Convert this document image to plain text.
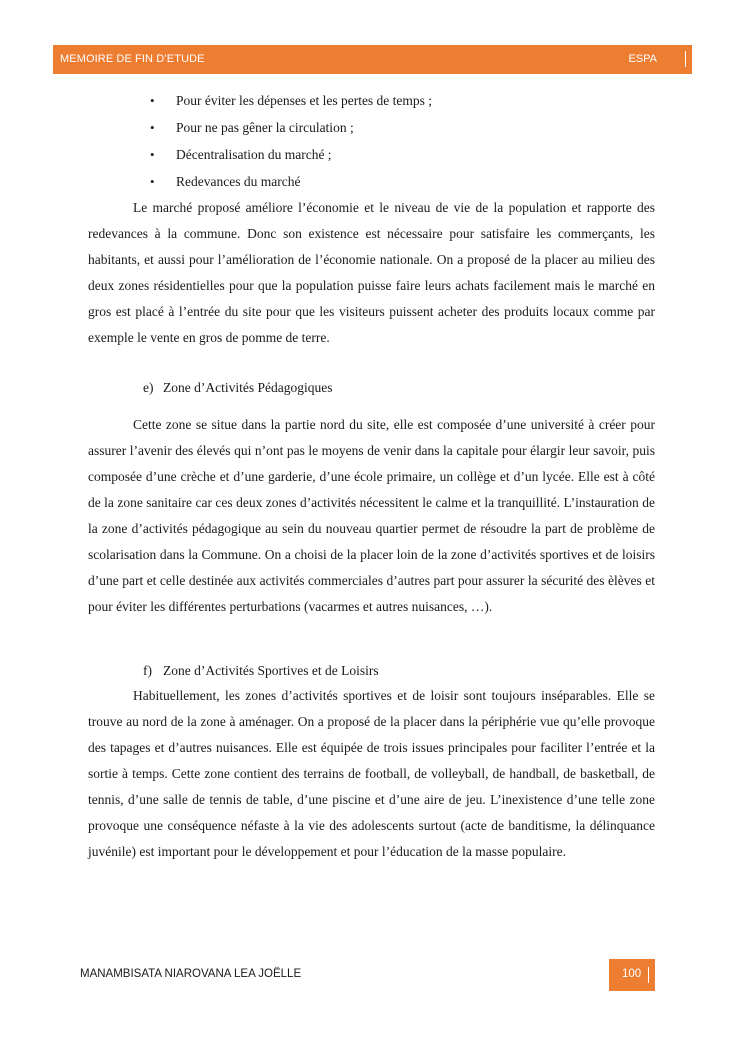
MEMOIRE DE FIN D’ETUDE	ESPA
• Pour éviter les dépenses et les pertes de temps ;
• Pour ne pas gêner la circulation ;
• Décentralisation du marché ;
• Redevances du marché

Le marché proposé améliore l’économie et le niveau de vie de la population et rapporte des redevances à la commune. Donc son existence est nécessaire pour satisfaire les commerçants, les habitants, et aussi pour l’amélioration de l’économie nationale. On a proposé de la placer au milieu des deux zones résidentielles pour que la population puisse faire leurs achats facilement mais le marché en gros est placé à l’entrée du site pour que les visiteurs puissent acheter des produits locaux comme par exemple le vente en gros de pomme de terre.

e) Zone d’Activités Pédagogiques

Cette zone se situe dans la partie nord du site, elle est composée d’une université à créer pour assurer l’avenir des élevés qui n’ont pas le moyens de venir dans la capitale pour élargir leur savoir, puis composée d’une crèche et d’une garderie, d’une école primaire, un collège et d’un lycée. Elle est à côté de la zone sanitaire car ces deux zones d’activités nécessitent le calme et la tranquillité. L’instauration de la zone d’activités pédagogique au sein du nouveau quartier permet de résoudre la part de problème de scolarisation dans la Commune. On a choisi de la placer loin de la zone d’activités sportives et de loisirs d’une part et celle destinée aux activités commerciales d’autres part pour assurer la sécurité des èlèves et pour éviter les différentes perturbations (vacarmes et autres nuisances, …).

f) Zone d’Activités Sportives et de Loisirs

Habituellement, les zones d’activités sportives et de loisir sont toujours inséparables. Elle se trouve au nord de la zone à aménager. On a proposé de la placer dans la périphérie vue qu’elle provoque des tapages et d’autres nuisances. Elle est équipée de trois issues principales pour faciliter l’entrée et la sortie à temps. Cette zone contient des terrains de football, de volleyball, de handball, de basketball, de tennis, d’une salle de tennis de table, d’une piscine et d’une aire de jeu. L’inexistence d’une telle zone provoque une conséquence néfaste à la vie des adolescents surtout (acte de banditisme, la délinquance juvénile) est important pour le développement et pour l’éducation de la masse populaire.

MANAMBISATA NIAROVANA LEA JOËLLE	100
